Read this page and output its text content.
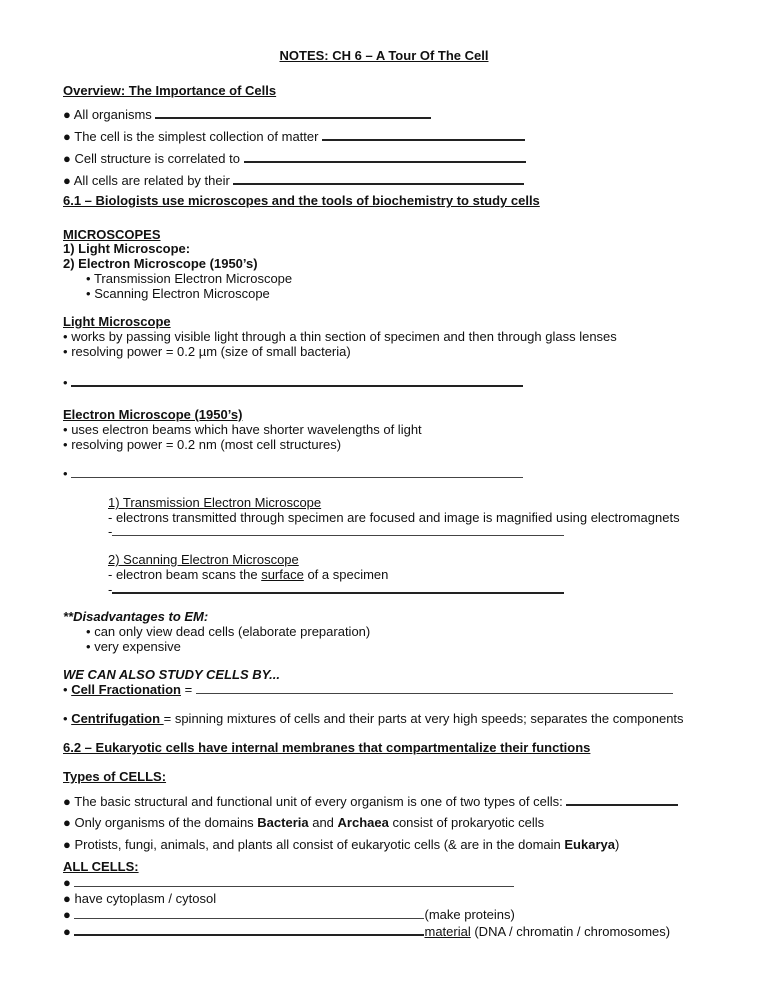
NOTES: CH 6 – A Tour Of The Cell
Overview: The Importance of Cells
● All organisms
● The cell is the simplest collection of matter
● Cell structure is correlated to
● All cells are related by their
6.1 – Biologists use microscopes and the tools of biochemistry to study cells
MICROSCOPES
1) Light Microscope:
2) Electron Microscope (1950’s)
• Transmission Electron Microscope
• Scanning Electron Microscope
Light Microscope
• works by passing visible light through a thin section of specimen and then through glass lenses
• resolving power = 0.2 µm (size of small bacteria)
•
Electron Microscope (1950’s)
• uses electron beams which have shorter wavelengths of light
• resolving power = 0.2 nm (most cell structures)
•
1) Transmission Electron Microscope
- electrons transmitted through specimen are focused and image is magnified using electromagnets
-
2) Scanning Electron Microscope
- electron beam scans the surface of a specimen
-
**Disadvantages to EM:
• can only view dead cells (elaborate preparation)
• very expensive
WE CAN ALSO STUDY CELLS BY...
• Cell Fractionation =
• Centrifugation = spinning mixtures of cells and their parts at very high speeds; separates the components
6.2 – Eukaryotic cells have internal membranes that compartmentalize their functions
Types of CELLS:
● The basic structural and functional unit of every organism is one of two types of cells:
● Only organisms of the domains Bacteria and Archaea consist of prokaryotic cells
● Protists, fungi, animals, and plants all consist of eukaryotic cells (& are in the domain Eukarya)
ALL CELLS:
●
● have cytoplasm / cytosol
●	(make proteins)
●	material (DNA / chromatin / chromosomes)
